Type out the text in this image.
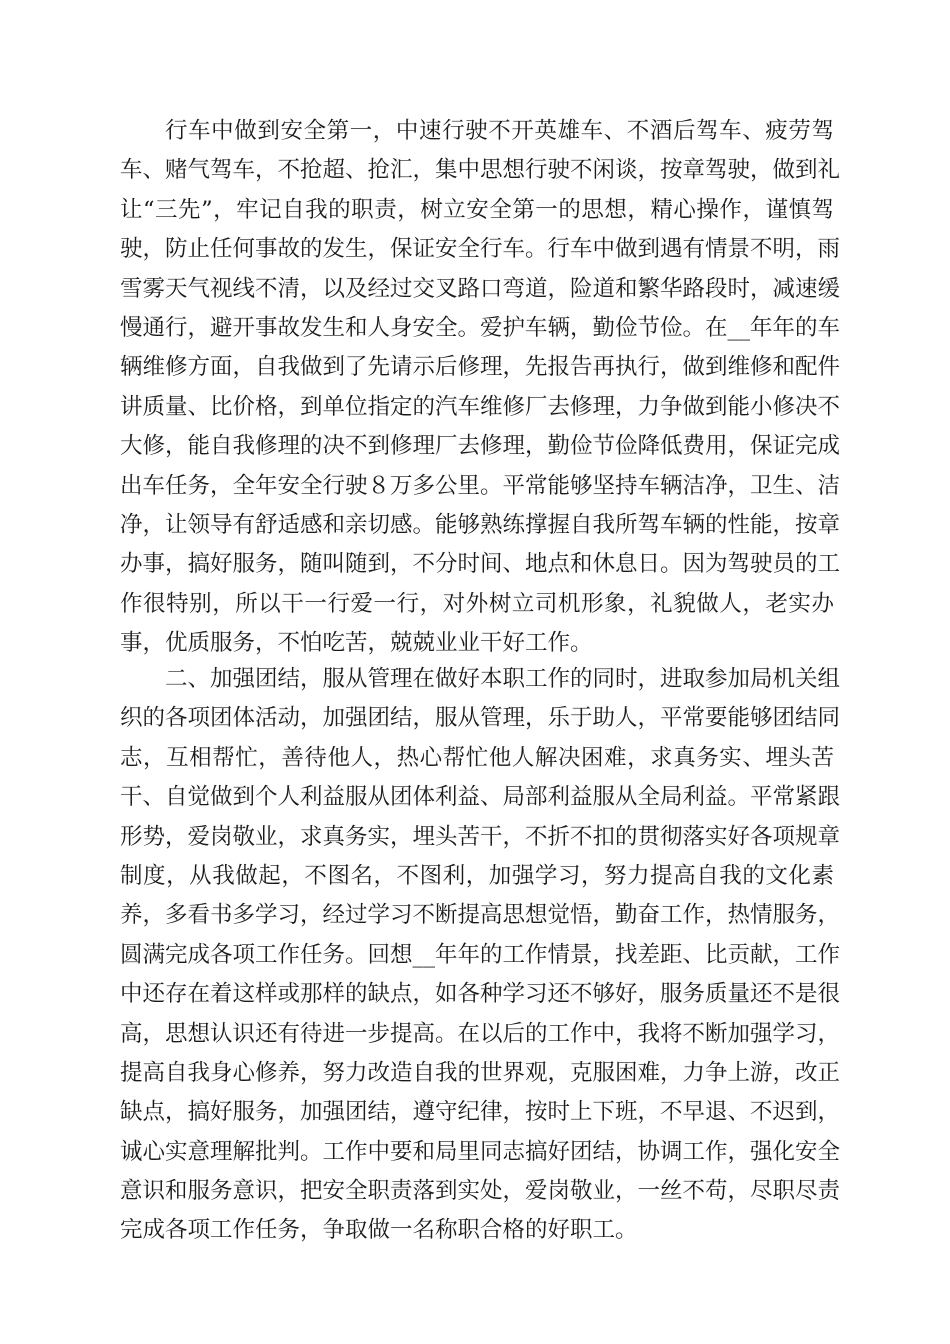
行车中做到安全第一，中速行驶不开英雄车、不酒后驾车、疲劳驾
车、赌气驾车，不抢超、抢汇，集中思想行驶不闲谈，按章驾驶，做到礼
让“三先”，牢记自我的职责，树立安全第一的思想，精心操作，谨慎驾
驶，防止任何事故的发生，保证安全行车。行车中做到遇有情景不明，雨
雪雾天气视线不清，以及经过交叉路口弯道，险道和繁华路段时，减速缓
慢通行，避开事故发生和人身安全。爱护车辆，勤俭节俭。在__年年的车
辆维修方面，自我做到了先请示后修理，先报告再执行，做到维修和配件
讲质量、比价格，到单位指定的汽车维修厂去修理，力争做到能小修决不
大修，能自我修理的决不到修理厂去修理，勤俭节俭降低费用，保证完成
出车任务，全年安全行驶８万多公里。平常能够坚持车辆洁净，卫生、洁
净，让领导有舒适感和亲切感。能够熟练撑握自我所驾车辆的性能，按章
办事，搞好服务，随叫随到，不分时间、地点和休息日。因为驾驶员的工
作很特别，所以干一行爱一行，对外树立司机形象，礼貌做人，老实办
事，优质服务，不怕吃苦，兢兢业业干好工作。
二、加强团结，服从管理在做好本职工作的同时，进取参加局机关组
织的各项团体活动，加强团结，服从管理，乐于助人，平常要能够团结同
志，互相帮忙，善待他人，热心帮忙他人解决困难，求真务实、埋头苦
干、自觉做到个人利益服从团体利益、局部利益服从全局利益。平常紧跟
形势，爱岗敬业，求真务实，埋头苦干，不折不扣的贯彻落实好各项规章
制度，从我做起，不图名，不图利，加强学习，努力提高自我的文化素
养，多看书多学习，经过学习不断提高思想觉悟，勤奋工作，热情服务，
圆满完成各项工作任务。回想__年年的工作情景，找差距、比贡献，工作
中还存在着这样或那样的缺点，如各种学习还不够好，服务质量还不是很
高，思想认识还有待进一步提高。在以后的工作中，我将不断加强学习，
提高自我身心修养，努力改造自我的世界观，克服困难，力争上游，改正
缺点，搞好服务，加强团结，遵守纪律，按时上下班，不早退、不迟到，
诚心实意理解批判。工作中要和局里同志搞好团结，协调工作，强化安全
意识和服务意识，把安全职责落到实处，爱岗敬业，一丝不苟，尽职尽责
完成各项工作任务，争取做一名称职合格的好职工。
